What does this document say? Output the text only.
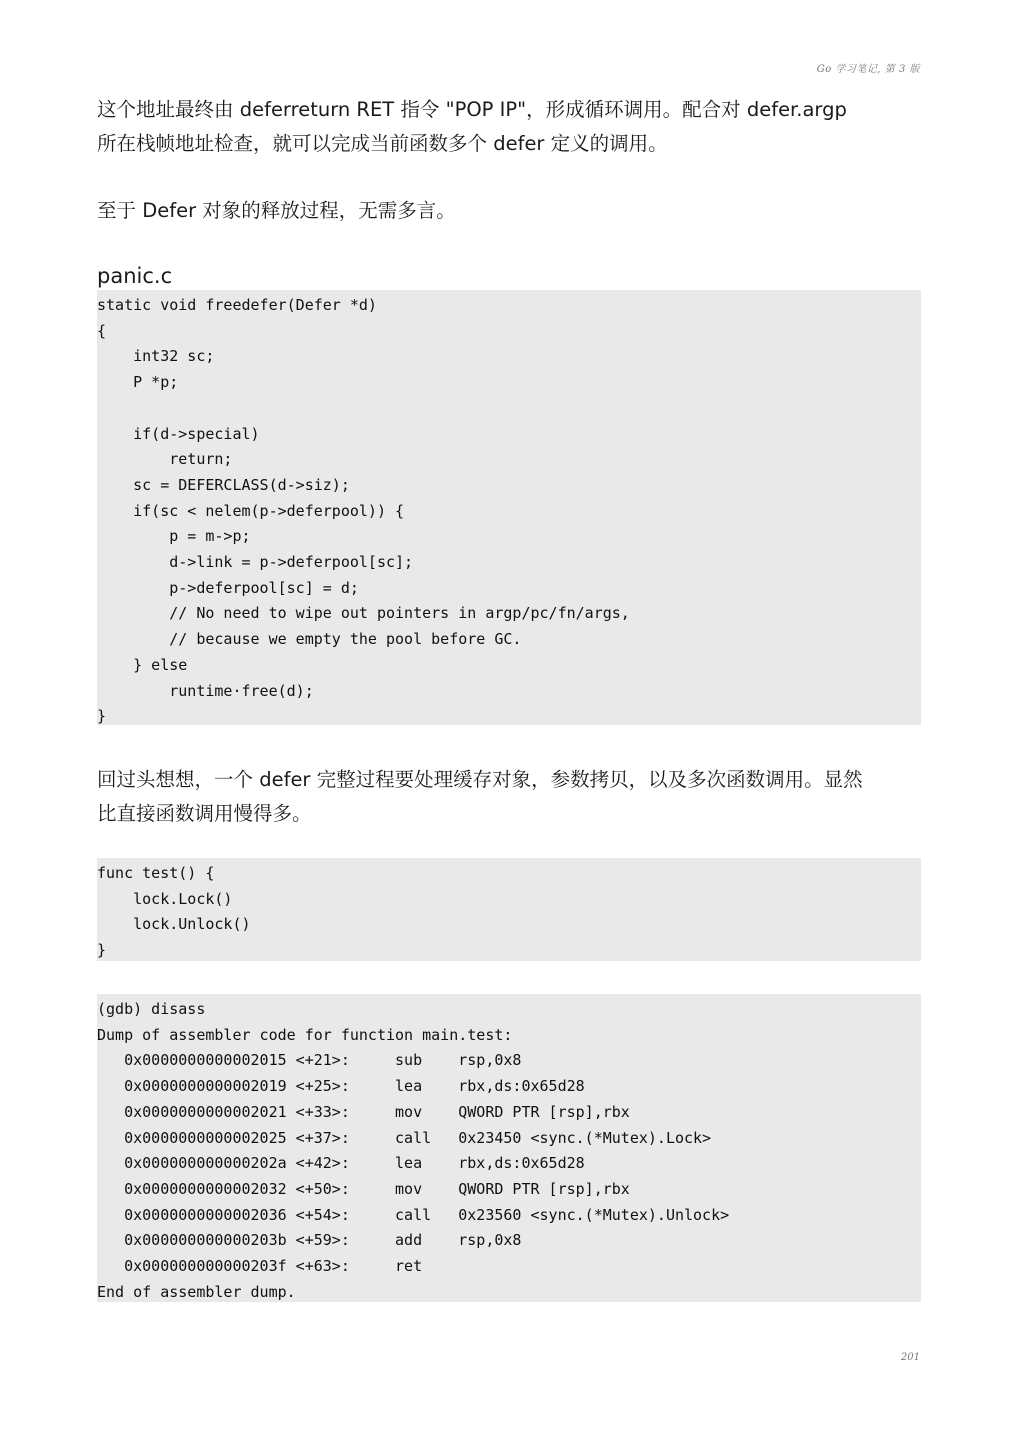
Go 学习笔记, 第 3 版

这个地址最终由 deferreturn RET 指令 "POP IP"，形成循环调用。配合对 defer.argp
所在栈帧地址检查，就可以完成当前函数多个 defer 定义的调用。

至于 Defer 对象的释放过程，无需多言。

panic.c
static void freedefer(Defer *d)
{
int32 sc;
P *p;

if(d->special)
return;
sc = DEFERCLASS(d->siz);
if(sc < nelem(p->deferpool)) {
p = m->p;
d->link = p->deferpool[sc];
p->deferpool[sc] = d;
// No need to wipe out pointers in argp/pc/fn/args,
// because we empty the pool before GC.
} else
runtime·free(d);
}

回过头想想，一个 defer 完整过程要处理缓存对象，参数拷贝，以及多次函数调用。显然
比直接函数调用慢得多。

func test() {
lock.Lock()
lock.Unlock()
}
(gdb) disass
Dump of assembler code for function main.test:
0x0000000000002015 <+21>:     sub    rsp,0x8
0x0000000000002019 <+25>:     lea    rbx,ds:0x65d28
0x0000000000002021 <+33>:     mov    QWORD PTR [rsp],rbx
0x0000000000002025 <+37>:     call   0x23450 <sync.(*Mutex).Lock>
0x000000000000202a <+42>:     lea    rbx,ds:0x65d28
0x0000000000002032 <+50>:     mov    QWORD PTR [rsp],rbx
0x0000000000002036 <+54>:     call   0x23560 <sync.(*Mutex).Unlock>
0x000000000000203b <+59>:     add    rsp,0x8
0x000000000000203f <+63>:     ret
End of assembler dump.
201
